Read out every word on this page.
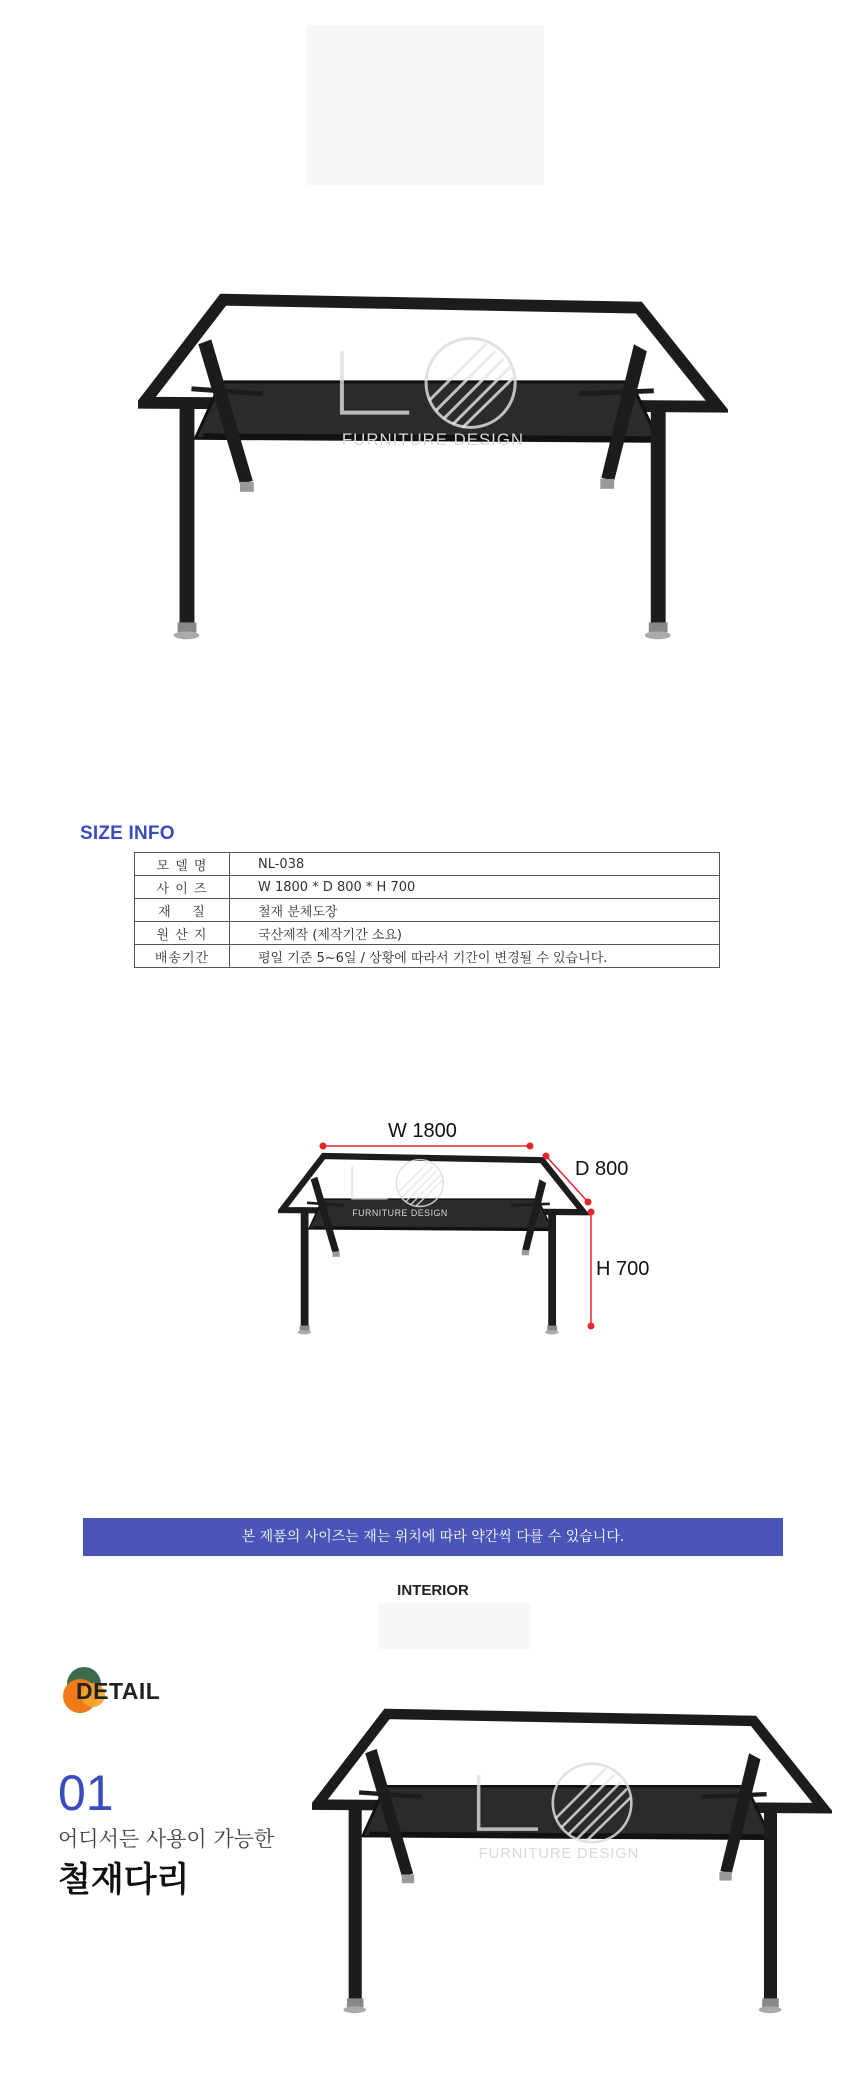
SIZE INFO
모 델 명	NL-038
사 이 즈	W 1800 * D 800 * H 700
재    질	철재 분체도장
원 산 지	국산제작 (제작기간 소요)
배송기간	평일 기준 5~6일 / 상황에 따라서 기간이 변경될 수 있습니다.
W 1800
D 800
H 700
본 제품의 사이즈는 재는 위치에 따라 약간씩 다를 수 있습니다.
INTERIOR
DETAIL
01
어디서든 사용이 가능한
철재다리
